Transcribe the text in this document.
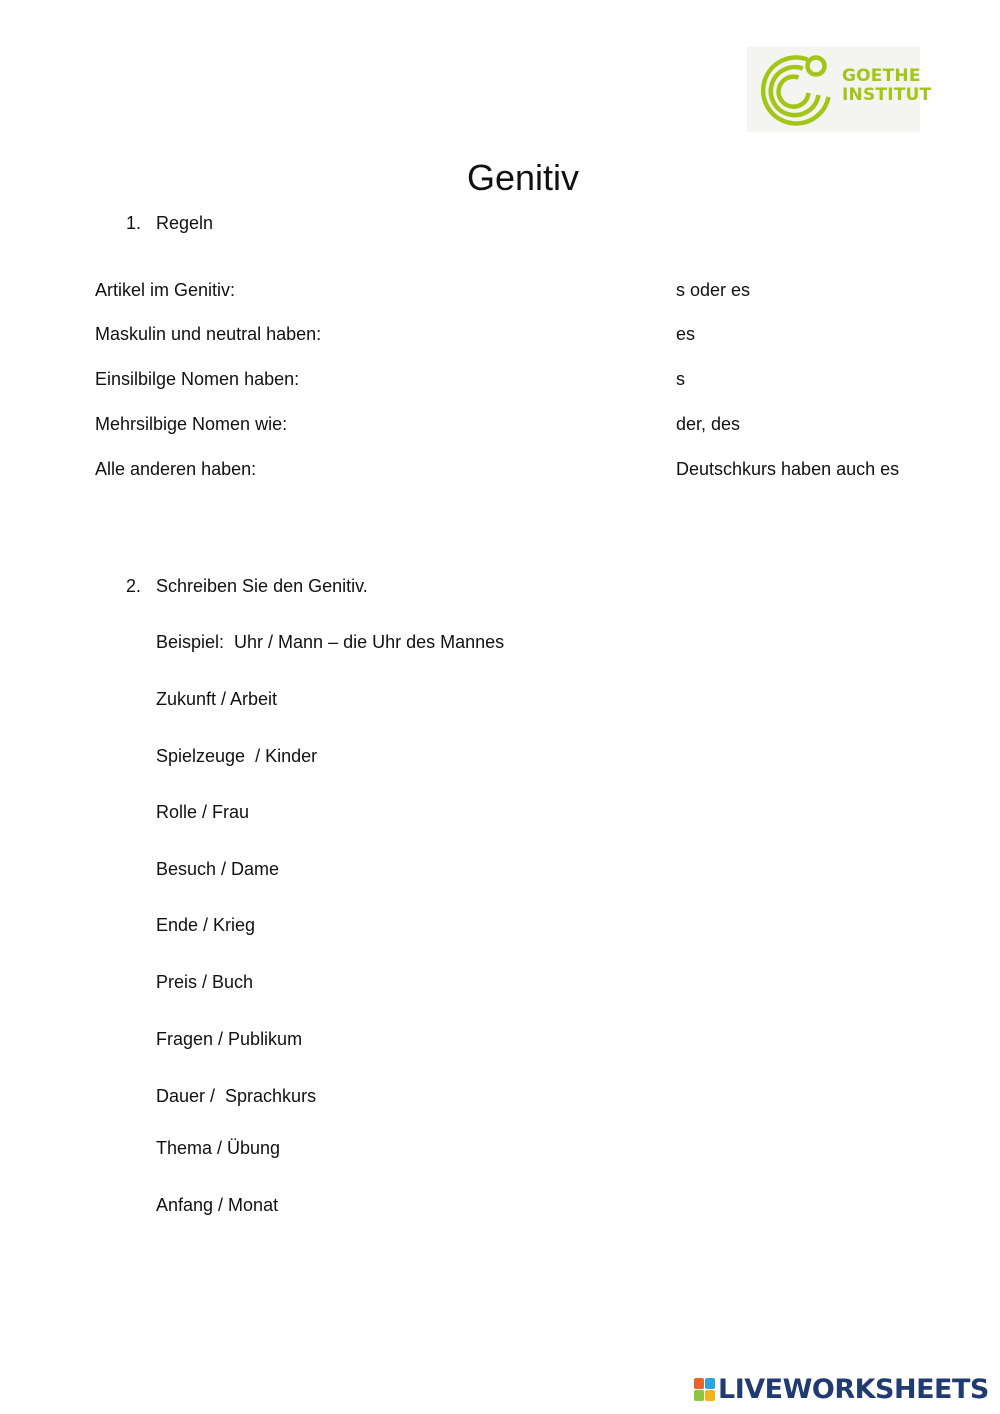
GOETHE
INSTITUT
Genitiv
1. Regeln
Artikel im Genitiv:	s oder es
Maskulin und neutral haben:	es
Einsilbilge Nomen haben:	s
Mehrsilbige Nomen wie:	der, des
Alle anderen haben:	Deutschkurs haben auch es
2. Schreiben Sie den Genitiv.
Beispiel:  Uhr / Mann – die Uhr des Mannes
Zukunft / Arbeit
Spielzeuge  / Kinder
Rolle / Frau
Besuch / Dame
Ende / Krieg
Preis / Buch
Fragen / Publikum
Dauer /  Sprachkurs
Thema / Übung
Anfang / Monat
LIVEWORKSHEETS
